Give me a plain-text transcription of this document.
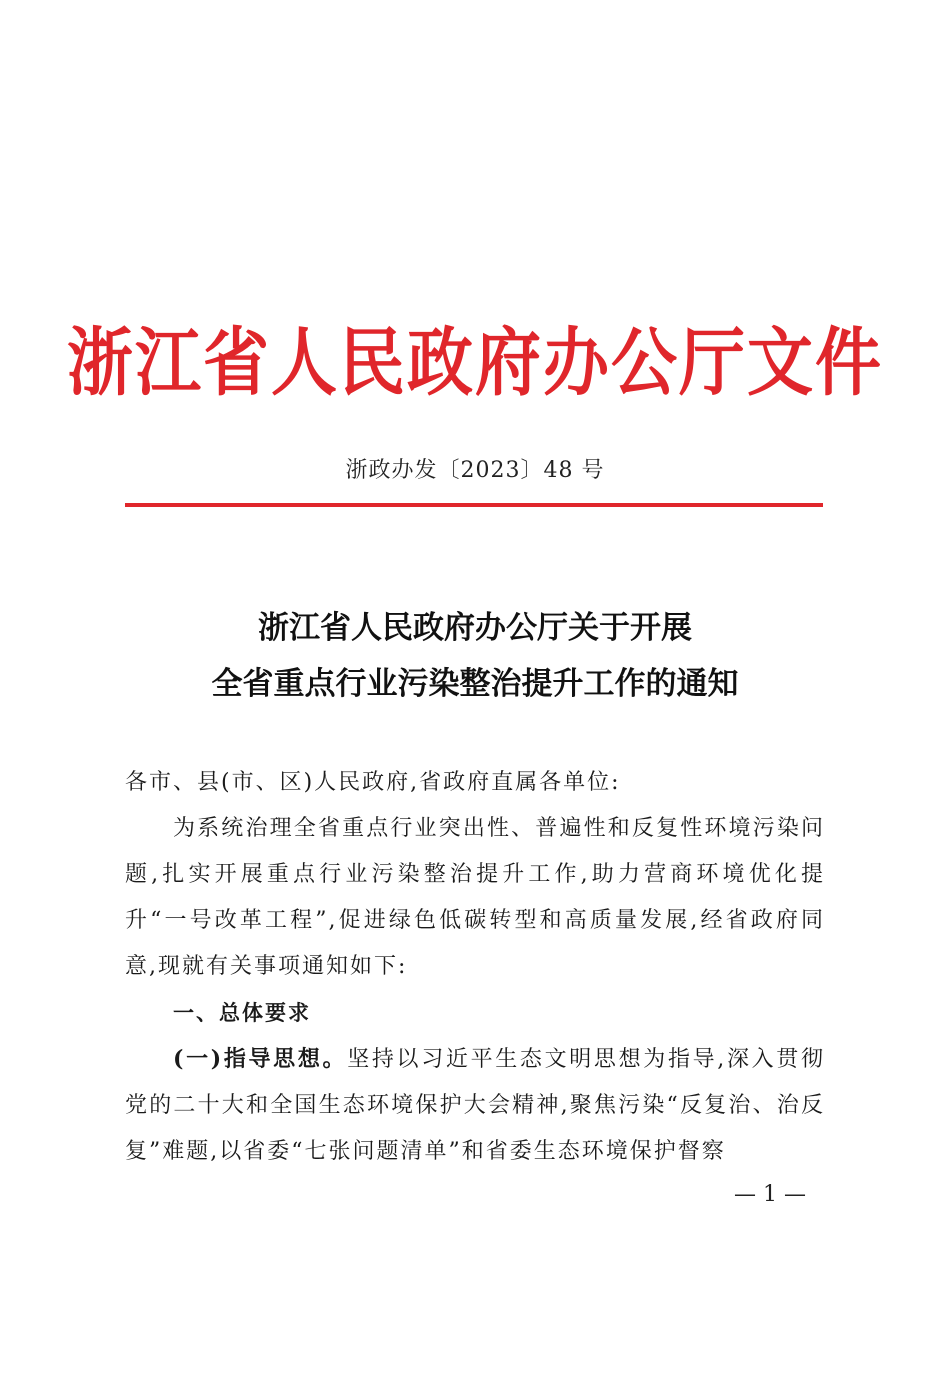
浙江省人民政府办公厅文件
浙政办发〔2023〕48 号
浙江省人民政府办公厅关于开展
全省重点行业污染整治提升工作的通知

各市、县(市、区)人民政府,省政府直属各单位:

为系统治理全省重点行业突出性、普遍性和反复性环境污染问题,扎实开展重点行业污染整治提升工作,助力营商环境优化提升“一号改革工程”,促进绿色低碳转型和高质量发展,经省政府同意,现就有关事项通知如下:

一、总体要求

(一)指导思想。坚持以习近平生态文明思想为指导,深入贯彻党的二十大和全国生态环境保护大会精神,聚焦污染“反复治、治反复”难题,以省委“七张问题清单”和省委生态环境保护督察

— 1 —
